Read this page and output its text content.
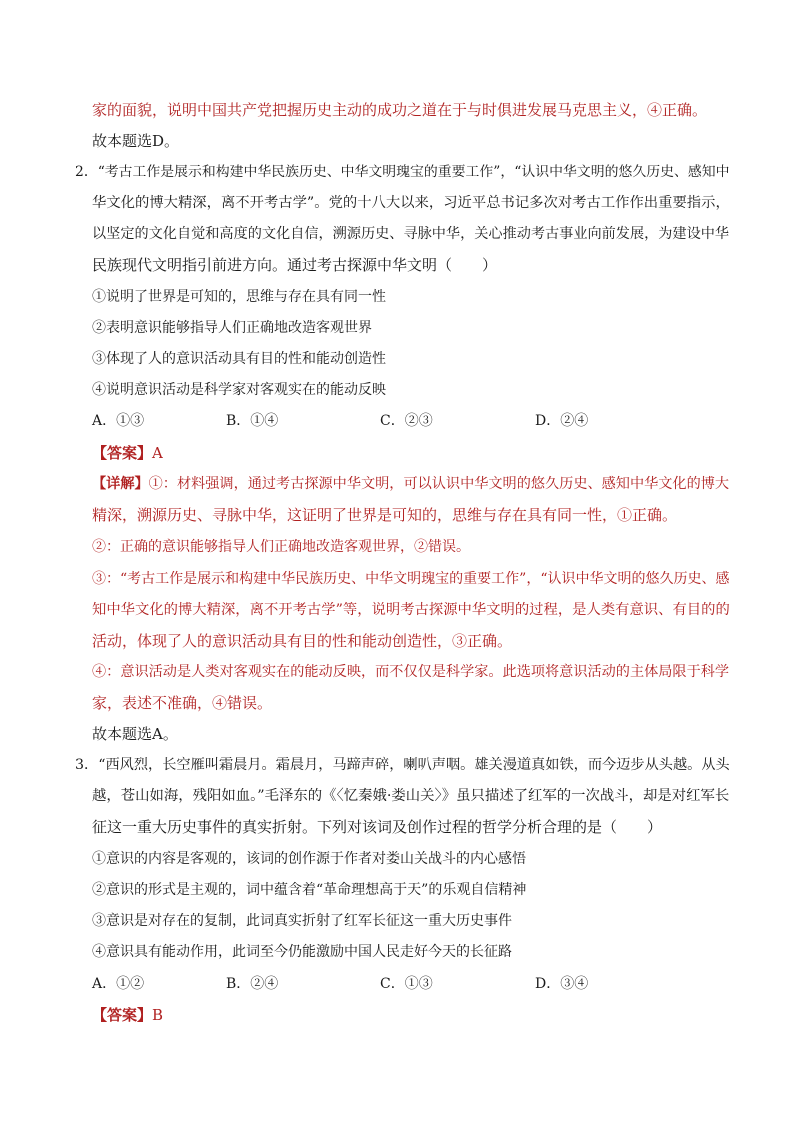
家的面貌，说明中国共产党把握历史主动的成功之道在于与时俱进发展马克思主义，④正确。
故本题选D。
2．“考古工作是展示和构建中华民族历史、中华文明瑰宝的重要工作”，“认识中华文明的悠久历史、感知中
华文化的博大精深，离不开考古学”。党的十八大以来，习近平总书记多次对考古工作作出重要指示，
以坚定的文化自觉和高度的文化自信，溯源历史、寻脉中华，关心推动考古事业向前发展，为建设中华
民族现代文明指引前进方向。通过考古探源中华文明（　　）
①说明了世界是可知的，思维与存在具有同一性
②表明意识能够指导人们正确地改造客观世界
③体现了人的意识活动具有目的性和能动创造性
④说明意识活动是科学家对客观实在的能动反映
A．①③	B．①④	C．②③	D．②④
【答案】A
【详解】①：材料强调，通过考古探源中华文明，可以认识中华文明的悠久历史、感知中华文化的博大
精深，溯源历史、寻脉中华，这证明了世界是可知的，思维与存在具有同一性，①正确。
②：正确的意识能够指导人们正确地改造客观世界，②错误。
③：“考古工作是展示和构建中华民族历史、中华文明瑰宝的重要工作”，“认识中华文明的悠久历史、感
知中华文化的博大精深，离不开考古学”等，说明考古探源中华文明的过程，是人类有意识、有目的的
活动，体现了人的意识活动具有目的性和能动创造性，③正确。
④：意识活动是人类对客观实在的能动反映，而不仅仅是科学家。此选项将意识活动的主体局限于科学
家，表述不准确，④错误。
故本题选A。
3．“西风烈，长空雁叫霜晨月。霜晨月，马蹄声碎，喇叭声咽。雄关漫道真如铁，而今迈步从头越。从头
越，苍山如海，残阳如血。”毛泽东的《〈忆秦娥·娄山关〉》虽只描述了红军的一次战斗，却是对红军长
征这一重大历史事件的真实折射。下列对该词及创作过程的哲学分析合理的是（　　）
①意识的内容是客观的，该词的创作源于作者对娄山关战斗的内心感悟
②意识的形式是主观的，词中蕴含着“革命理想高于天”的乐观自信精神
③意识是对存在的复制，此词真实折射了红军长征这一重大历史事件
④意识具有能动作用，此词至今仍能激励中国人民走好今天的长征路
A．①②	B．②④	C．①③	D．③④
【答案】B
